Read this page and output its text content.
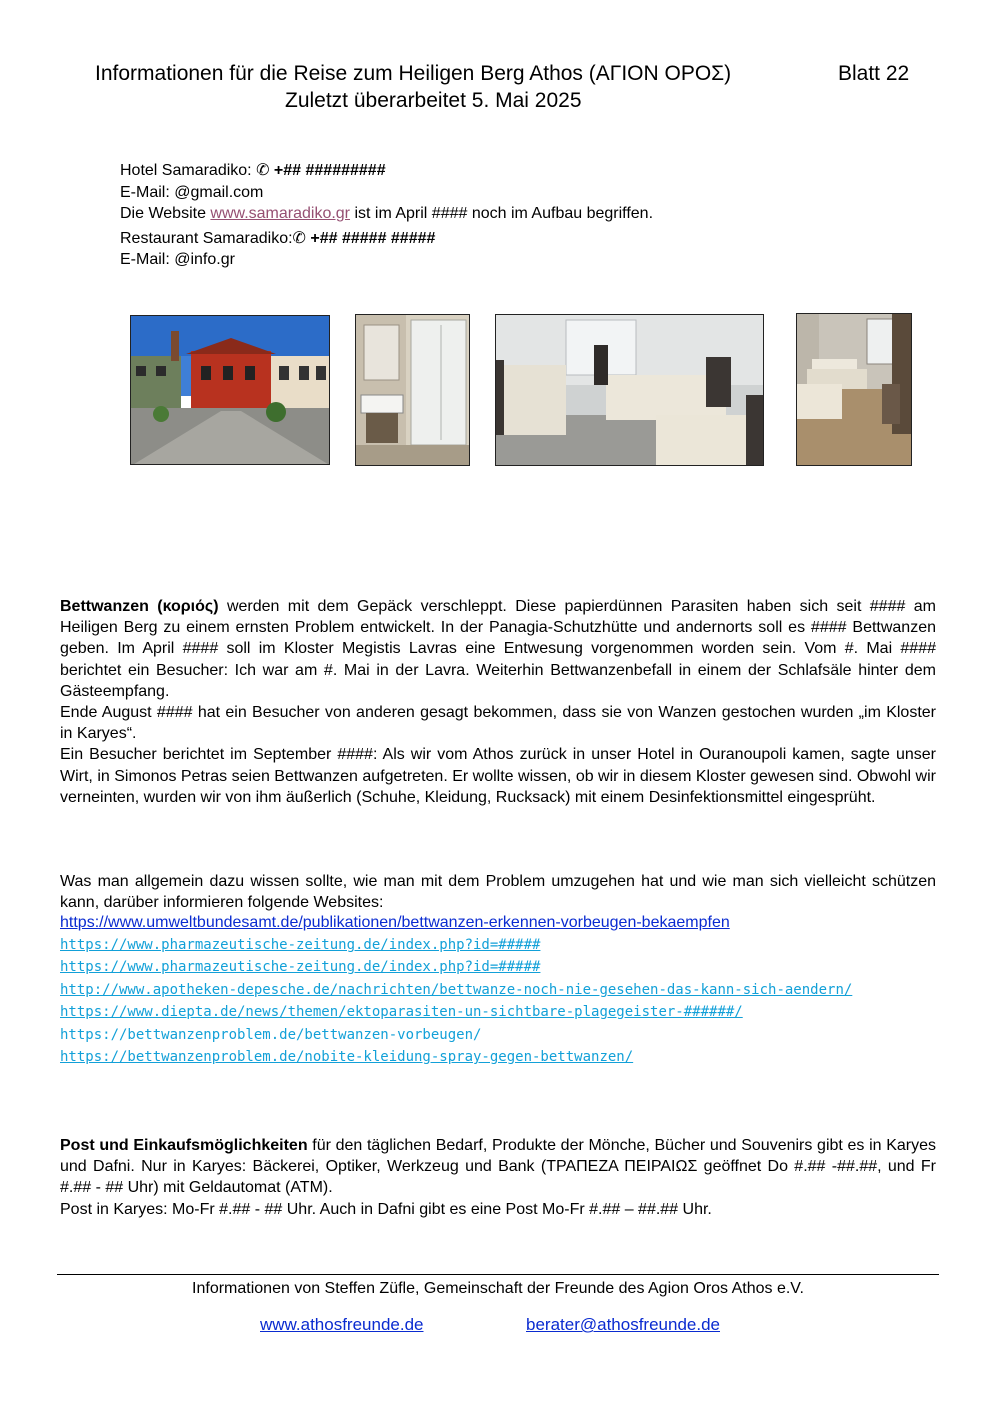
Informationen für die Reise zum Heiligen Berg Athos (ΑΓΙΟΝ ΟΡΟΣ)	Blatt 22
Zuletzt überarbeitet 5. Mai 2025
Hotel Samaradiko: ✆ +## #########
E-Mail: @gmail.com
Die Website www.samaradiko.gr ist im April #### noch im Aufbau begriffen.
Restaurant Samaradiko:✆ +## ##### #####
E-Mail: @info.gr

Bettwanzen (κοριός) werden mit dem Gepäck verschleppt. Diese papierdünnen Parasiten haben sich seit #### am Heiligen Berg zu einem ernsten Problem entwickelt. In der Panagia-Schutzhütte und andernorts soll es #### Bettwanzen geben. Im April #### soll im Kloster Megistis Lavras eine Entwesung vorgenommen worden sein. Vom #. Mai #### berichtet ein Besucher: Ich war am #. Mai in der Lavra. Weiterhin Bettwanzenbefall in einem der Schlafsäle hinter dem Gästeempfang.

Ende August #### hat ein Besucher von anderen gesagt bekommen, dass sie von Wanzen gestochen wurden „im Kloster in Karyes“.

Ein Besucher berichtet im September ####: Als wir vom Athos zurück in unser Hotel in Ouranoupoli kamen, sagte unser Wirt, in Simonos Petras seien Bettwanzen aufgetreten. Er wollte wissen, ob wir in diesem Kloster gewesen sind. Obwohl wir verneinten, wurden wir von ihm äußerlich (Schuhe, Kleidung, Rucksack) mit einem Desinfektionsmittel eingesprüht.

Was man allgemein dazu wissen sollte, wie man mit dem Problem umzugehen hat und wie man sich vielleicht schützen kann, darüber informieren folgende Websites:
https://www.umweltbundesamt.de/publikationen/bettwanzen-erkennen-vorbeugen-bekaempfen
https://www.pharmazeutische-zeitung.de/index.php?id=#####
https://www.pharmazeutische-zeitung.de/index.php?id=#####
http://www.apotheken-depesche.de/nachrichten/bettwanze-noch-nie-gesehen-das-kann-sich-aendern/
https://www.diepta.de/news/themen/ektoparasiten-un-sichtbare-plagegeister-######/
https://bettwanzenproblem.de/bettwanzen-vorbeugen/
https://bettwanzenproblem.de/nobite-kleidung-spray-gegen-bettwanzen/

Post und Einkaufsmöglichkeiten für den täglichen Bedarf, Produkte der Mönche, Bücher und Souvenirs gibt es in Karyes und Dafni. Nur in Karyes: Bäckerei, Optiker, Werkzeug und Bank (ΤΡΑΠΕΖΑ ΠΕΙΡΑΙΩΣ geöffnet Do #.## -##.##, und Fr #.## - ## Uhr) mit Geldautomat (ATM).

Post in Karyes: Mo-Fr #.## - ## Uhr. Auch in Dafni gibt es eine Post Mo-Fr #.## – ##.## Uhr.

Informationen von Steffen Züfle, Gemeinschaft der Freunde des Agion Oros Athos e.V.
www.athosfreunde.de	berater@athosfreunde.de
